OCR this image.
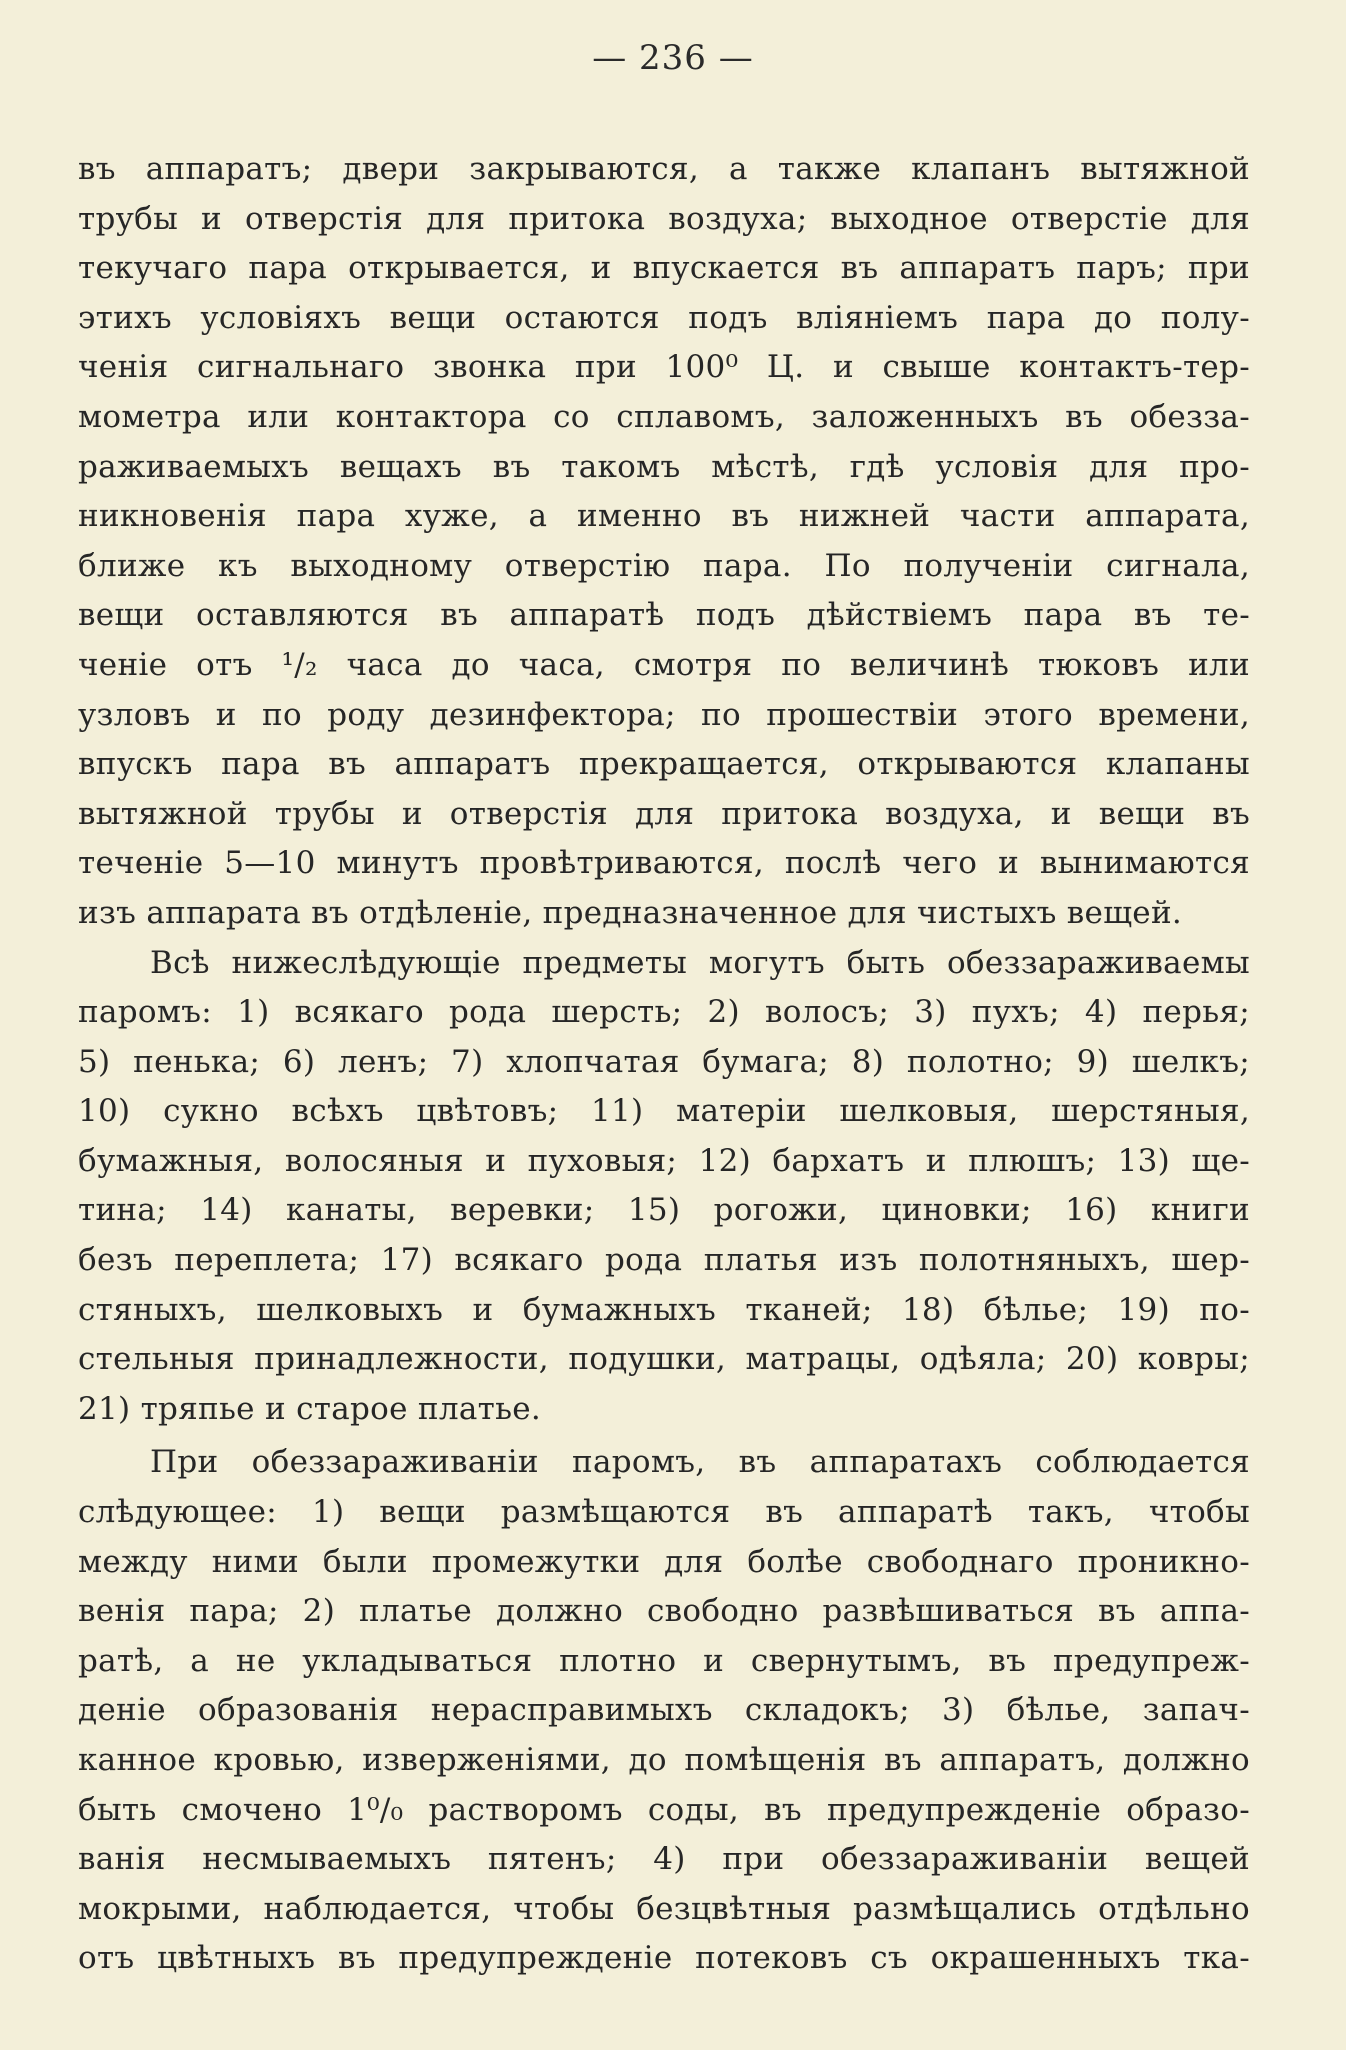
— 236 —
въ аппаратъ; двери закрываются, а также клапанъ вытяжной
трубы и отверстія для притока воздуха; выходное отверстіе для
текучаго пара открывается, и впускается въ аппаратъ паръ; при
этихъ условіяхъ вещи остаются подъ вліяніемъ пара до полу-
ченія сигнальнаго звонка при 100⁰ Ц. и свыше контактъ-тер-
мометра или контактора со сплавомъ, заложенныхъ въ обезза-
раживаемыхъ вещахъ въ такомъ мѣстѣ, гдѣ условія для про-
никновенія пара хуже, а именно въ нижней части аппарата,
ближе къ выходному отверстію пара. По полученіи сигнала,
вещи оставляются въ аппаратѣ подъ дѣйствіемъ пара въ те-
ченіе отъ ¹/₂ часа до часа, смотря по величинѣ тюковъ или
узловъ и по роду дезинфектора; по прошествіи этого времени,
впускъ пара въ аппаратъ прекращается, открываются клапаны
вытяжной трубы и отверстія для притока воздуха, и вещи въ
теченіе 5—10 минутъ провѣтриваются, послѣ чего и вынимаются
изъ аппарата въ отдѣленіе, предназначенное для чистыхъ вещей.
Всѣ нижеслѣдующіе предметы могутъ быть обеззараживаемы
паромъ: 1) всякаго рода шерсть; 2) волосъ; 3) пухъ; 4) перья;
5) пенька; 6) ленъ; 7) хлопчатая бумага; 8) полотно; 9) шелкъ;
10) сукно всѣхъ цвѣтовъ; 11) матеріи шелковыя, шерстяныя,
бумажныя, волосяныя и пуховыя; 12) бархатъ и плюшъ; 13) ще-
тина; 14) канаты, веревки; 15) рогожи, циновки; 16) книги
безъ переплета; 17) всякаго рода платья изъ полотняныхъ, шер-
стяныхъ, шелковыхъ и бумажныхъ тканей; 18) бѣлье; 19) по-
стельныя принадлежности, подушки, матрацы, одѣяла; 20) ковры;
21) тряпье и старое платье.
При обеззараживаніи паромъ, въ аппаратахъ соблюдается
слѣдующее: 1) вещи размѣщаются въ аппаратѣ такъ, чтобы
между ними были промежутки для болѣе свободнаго проникно-
венія пара; 2) платье должно свободно развѣшиваться въ аппа-
ратѣ, а не укладываться плотно и свернутымъ, въ предупреж-
деніе образованія нерасправимыхъ складокъ; 3) бѣлье, запач-
канное кровью, изверженіями, до помѣщенія въ аппаратъ, должно
быть смочено 1⁰/₀ растворомъ соды, въ предупрежденіе образо-
ванія несмываемыхъ пятенъ; 4) при обеззараживаніи вещей
мокрыми, наблюдается, чтобы безцвѣтныя размѣщались отдѣльно
отъ цвѣтныхъ въ предупрежденіе потековъ съ окрашенныхъ тка-
